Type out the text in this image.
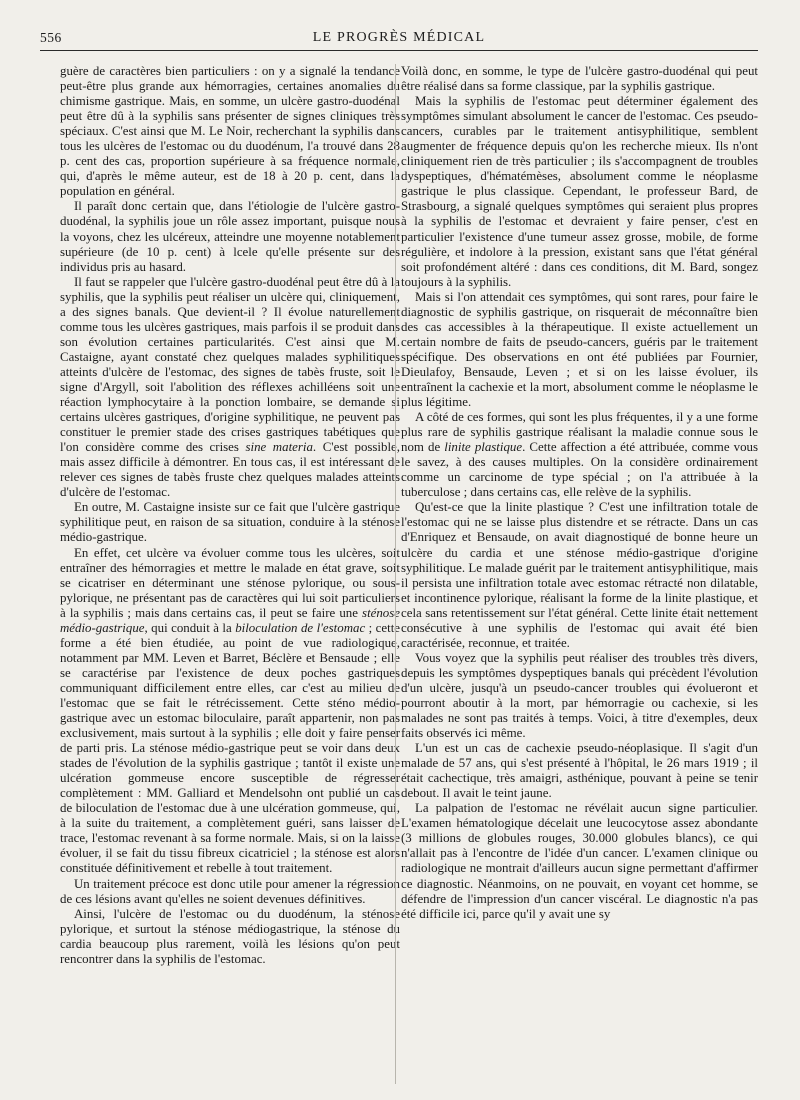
556	LE PROGRÈS MÉDICAL

guère de caractères bien particuliers : on y a signalé la tendance peut-être plus grande aux hémorragies, certaines anomalies du chimisme gastrique. Mais, en somme, un ulcère gastro-duodénal peut être dû à la syphilis sans présenter de signes cliniques très spéciaux. C'est ainsi que M. Le Noir, recherchant la syphilis dans tous les ulcères de l'estomac ou du duodénum, l'a trouvé dans 28 p. cent des cas, proportion supérieure à sa fréquence normale, qui, d'après le même auteur, est de 18 à 20 p. cent, dans la population en général.

Il paraît donc certain que, dans l'étiologie de l'ulcère gastro-duodénal, la syphilis joue un rôle assez important, puisque nous la voyons, chez les ulcéreux, atteindre une moyenne notablement supérieure (de 10 p. cent) à lcele qu'elle présente sur des individus pris au hasard.

Il faut se rappeler que l'ulcère gastro-duodénal peut être dû à la syphilis, que la syphilis peut réaliser un ulcère qui, cliniquement, a des signes banals. Que devient-il ? Il évolue naturellement comme tous les ulcères gastriques, mais parfois il se produit dans son évolution certaines particularités. C'est ainsi que M. Castaigne, ayant constaté chez quelques malades syphilitiques atteints d'ulcère de l'estomac, des signes de tabès fruste, soit le signe d'Argyll, soit l'abolition des réflexes achilléens soit une réaction lymphocytaire à la ponction lombaire, se demande si certains ulcères gastriques, d'origine syphilitique, ne peuvent pas constituer le premier stade des crises gastriques tabétiques que l'on considère comme des crises sine materia. C'est possible, mais assez difficile à démontrer. En tous cas, il est intéressant de relever ces signes de tabès fruste chez quelques malades atteints d'ulcère de l'estomac.

En outre, M. Castaigne insiste sur ce fait que l'ulcère gastrique syphilitique peut, en raison de sa situation, conduire à la sténose médio-gastrique.

En effet, cet ulcère va évoluer comme tous les ulcères, soit entraîner des hémorragies et mettre le malade en état grave, soit se cicatriser en déterminant une sténose pylorique, ou sous-pylorique, ne présentant pas de caractères qui lui soit particuliers à la syphilis ; mais dans certains cas, il peut se faire une sténose médio-gastrique, qui conduit à la biloculation de l'estomac ; cette forme a été bien étudiée, au point de vue radiologique, notamment par MM. Leven et Barret, Béclère et Bensaude ; elle se caractérise par l'existence de deux poches gastriques communiquant difficilement entre elles, car c'est au milieu de l'estomac que se fait le rétrécissement. Cette sténo médio-gastrique avec un estomac biloculaire, paraît appartenir, non pas exclusivement, mais surtout à la syphilis ; elle doit y faire penser de parti pris. La sténose médio-gastrique peut se voir dans deux stades de l'évolution de la syphilis gastrique ; tantôt il existe une ulcération gommeuse encore susceptible de régresser complètement : MM. Galliard et Mendelsohn ont publié un cas de biloculation de l'estomac due à une ulcération gommeuse, qui, à la suite du traitement, a complètement guéri, sans laisser de trace, l'estomac revenant à sa forme normale. Mais, si on la laisse évoluer, il se fait du tissu fibreux cicatriciel ; la sténose est alors constituée définitivement et rebelle à tout traitement.

Un traitement précoce est donc utile pour amener la régression de ces lésions avant qu'elles ne soient devenues définitives.

Ainsi, l'ulcère de l'estomac ou du duodénum, la sténose pylorique, et surtout la sténose médiogastrique, la sténose du cardia beaucoup plus rarement, voilà les lésions qu'on peut rencontrer dans la syphilis de l'estomac.

Voilà donc, en somme, le type de l'ulcère gastro-duodénal qui peut être réalisé dans sa forme classique, par la syphilis gastrique.

Mais la syphilis de l'estomac peut déterminer également des symptômes simulant absolument le cancer de l'estomac. Ces pseudo-cancers, curables par le traitement antisyphilitique, semblent augmenter de fréquence depuis qu'on les recherche mieux. Ils n'ont cliniquement rien de très particulier ; ils s'accompagnent de troubles dyspeptiques, d'hématémèses, absolument comme le néoplasme gastrique le plus classique. Cependant, le professeur Bard, de Strasbourg, a signalé quelques symptômes qui seraient plus propres à la syphilis de l'estomac et devraient y faire penser, c'est en particulier l'existence d'une tumeur assez grosse, mobile, de forme régulière, et indolore à la pression, existant sans que l'état général soit profondément altéré : dans ces conditions, dit M. Bard, songez toujours à la syphilis.

Mais si l'on attendait ces symptômes, qui sont rares, pour faire le diagnostic de syphilis gastrique, on risquerait de méconnaître bien des cas accessibles à la thérapeutique. Il existe actuellement un certain nombre de faits de pseudo-cancers, guéris par le traitement spécifique. Des observations en ont été publiées par Fournier, Dieulafoy, Bensaude, Leven ; et si on les laisse évoluer, ils entraînent la cachexie et la mort, absolument comme le néoplasme le plus légitime.

A côté de ces formes, qui sont les plus fréquentes, il y a une forme plus rare de syphilis gastrique réalisant la maladie connue sous le nom de linite plastique. Cette affection a été attribuée, comme vous le savez, à des causes multiples. On la considère ordinairement comme un carcinome de type spécial ; on l'a attribuée à la tuberculose ; dans certains cas, elle relève de la syphilis.

Qu'est-ce que la linite plastique ? C'est une infiltration totale de l'estomac qui ne se laisse plus distendre et se rétracte. Dans un cas d'Enriquez et Bensaude, on avait diagnostiqué de bonne heure un ulcère du cardia et une sténose médio-gastrique d'origine syphilitique. Le malade guérit par le traitement antisyphilitique, mais il persista une infiltration totale avec estomac rétracté non dilatable, et incontinence pylorique, réalisant la forme de la linite plastique, et cela sans retentissement sur l'état général. Cette linite était nettement consécutive à une syphilis de l'estomac qui avait été bien caractérisée, reconnue, et traitée.

Vous voyez que la syphilis peut réaliser des troubles très divers, depuis les symptômes dyspeptiques banals qui précèdent l'évolution d'un ulcère, jusqu'à un pseudo-cancer troubles qui évolueront et pourront aboutir à la mort, par hémorragie ou cachexie, si les malades ne sont pas traités à temps. Voici, à titre d'exemples, deux faits observés ici même.

L'un est un cas de cachexie pseudo-néoplasique. Il s'agit d'un malade de 57 ans, qui s'est présenté à l'hôpital, le 26 mars 1919 ; il était cachectique, très amaigri, asthénique, pouvant à peine se tenir debout. Il avait le teint jaune.

La palpation de l'estomac ne révélait aucun signe particulier. L'examen hématologique décelait une leucocytose assez abondante (3 millions de globules rouges, 30.000 globules blancs), ce qui n'allait pas à l'encontre de l'idée d'un cancer. L'examen clinique ou radiologique ne montrait d'ailleurs aucun signe permettant d'affirmer ce diagnostic. Néanmoins, on ne pouvait, en voyant cet homme, se défendre de l'impression d'un cancer viscéral. Le diagnostic n'a pas été difficile ici, parce qu'il y avait une sy
